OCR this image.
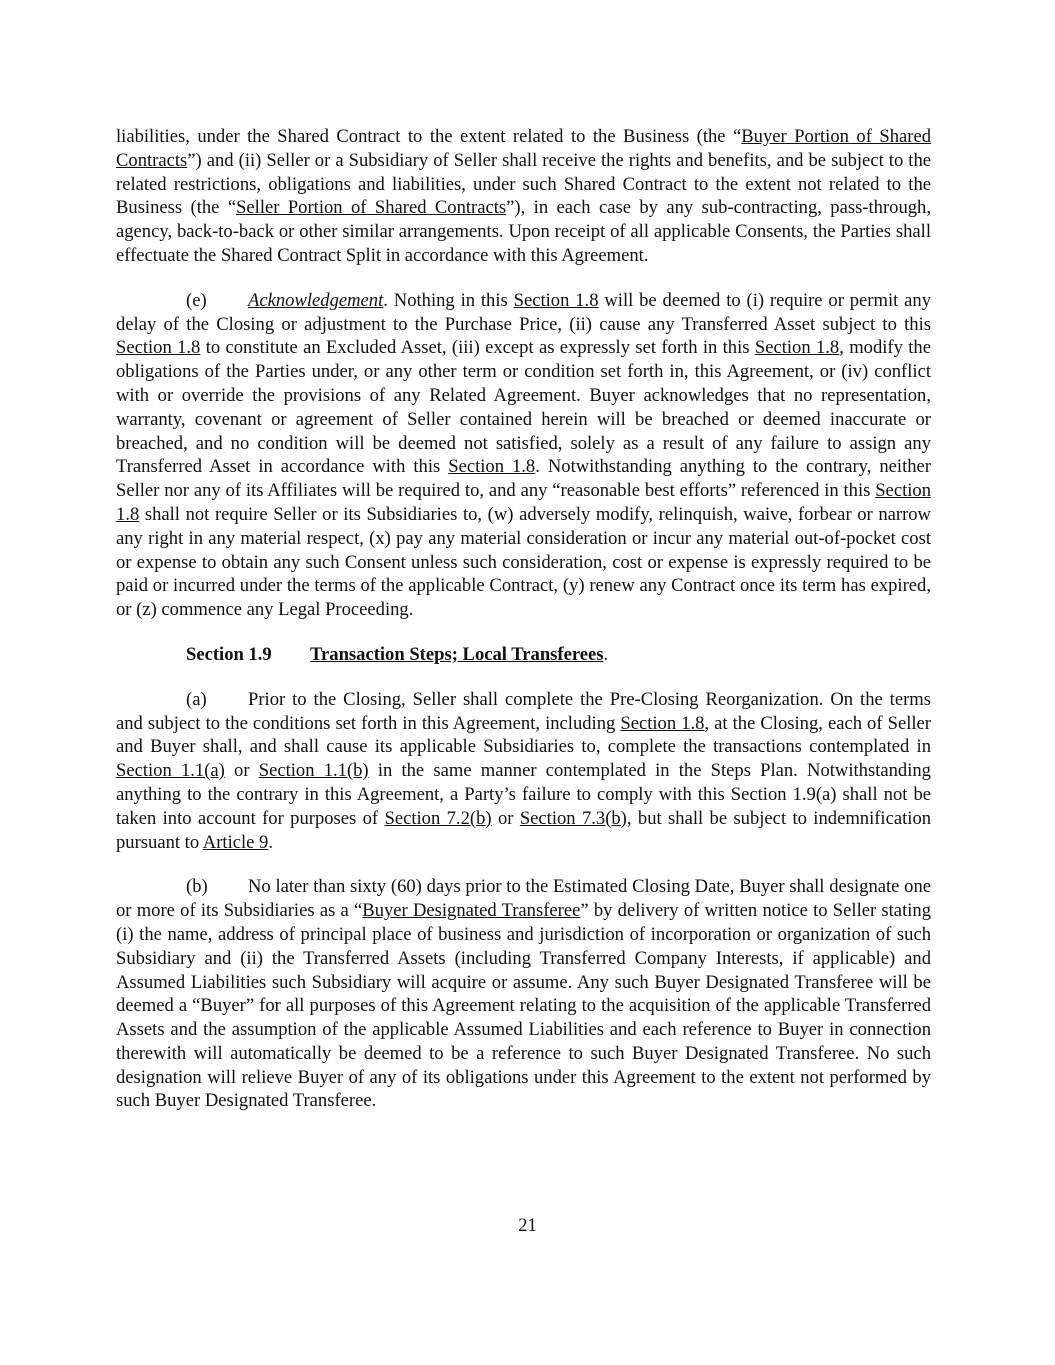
liabilities, under the Shared Contract to the extent related to the Business (the “Buyer Portion of Shared Contracts”) and (ii) Seller or a Subsidiary of Seller shall receive the rights and benefits, and be subject to the related restrictions, obligations and liabilities, under such Shared Contract to the extent not related to the Business (the “Seller Portion of Shared Contracts”), in each case by any sub-contracting, pass-through, agency, back-to-back or other similar arrangements. Upon receipt of all applicable Consents, the Parties shall effectuate the Shared Contract Split in accordance with this Agreement.

(e) Acknowledgement. Nothing in this Section 1.8 will be deemed to (i) require or permit any delay of the Closing or adjustment to the Purchase Price, (ii) cause any Transferred Asset subject to this Section 1.8 to constitute an Excluded Asset, (iii) except as expressly set forth in this Section 1.8, modify the obligations of the Parties under, or any other term or condition set forth in, this Agreement, or (iv) conflict with or override the provisions of any Related Agreement. Buyer acknowledges that no representation, warranty, covenant or agreement of Seller contained herein will be breached or deemed inaccurate or breached, and no condition will be deemed not satisfied, solely as a result of any failure to assign any Transferred Asset in accordance with this Section 1.8. Notwithstanding anything to the contrary, neither Seller nor any of its Affiliates will be required to, and any “reasonable best efforts” referenced in this Section 1.8 shall not require Seller or its Subsidiaries to, (w) adversely modify, relinquish, waive, forbear or narrow any right in any material respect, (x) pay any material consideration or incur any material out-of-pocket cost or expense to obtain any such Consent unless such consideration, cost or expense is expressly required to be paid or incurred under the terms of the applicable Contract, (y) renew any Contract once its term has expired, or (z) commence any Legal Proceeding.

Section 1.9 Transaction Steps; Local Transferees.

(a) Prior to the Closing, Seller shall complete the Pre-Closing Reorganization. On the terms and subject to the conditions set forth in this Agreement, including Section 1.8, at the Closing, each of Seller and Buyer shall, and shall cause its applicable Subsidiaries to, complete the transactions contemplated in Section 1.1(a) or Section 1.1(b) in the same manner contemplated in the Steps Plan. Notwithstanding anything to the contrary in this Agreement, a Party’s failure to comply with this Section 1.9(a) shall not be taken into account for purposes of Section 7.2(b) or Section 7.3(b), but shall be subject to indemnification pursuant to Article 9.

(b) No later than sixty (60) days prior to the Estimated Closing Date, Buyer shall designate one or more of its Subsidiaries as a “Buyer Designated Transferee” by delivery of written notice to Seller stating (i) the name, address of principal place of business and jurisdiction of incorporation or organization of such Subsidiary and (ii) the Transferred Assets (including Transferred Company Interests, if applicable) and Assumed Liabilities such Subsidiary will acquire or assume. Any such Buyer Designated Transferee will be deemed a “Buyer” for all purposes of this Agreement relating to the acquisition of the applicable Transferred Assets and the assumption of the applicable Assumed Liabilities and each reference to Buyer in connection therewith will automatically be deemed to be a reference to such Buyer Designated Transferee. No such designation will relieve Buyer of any of its obligations under this Agreement to the extent not performed by such Buyer Designated Transferee.

21
